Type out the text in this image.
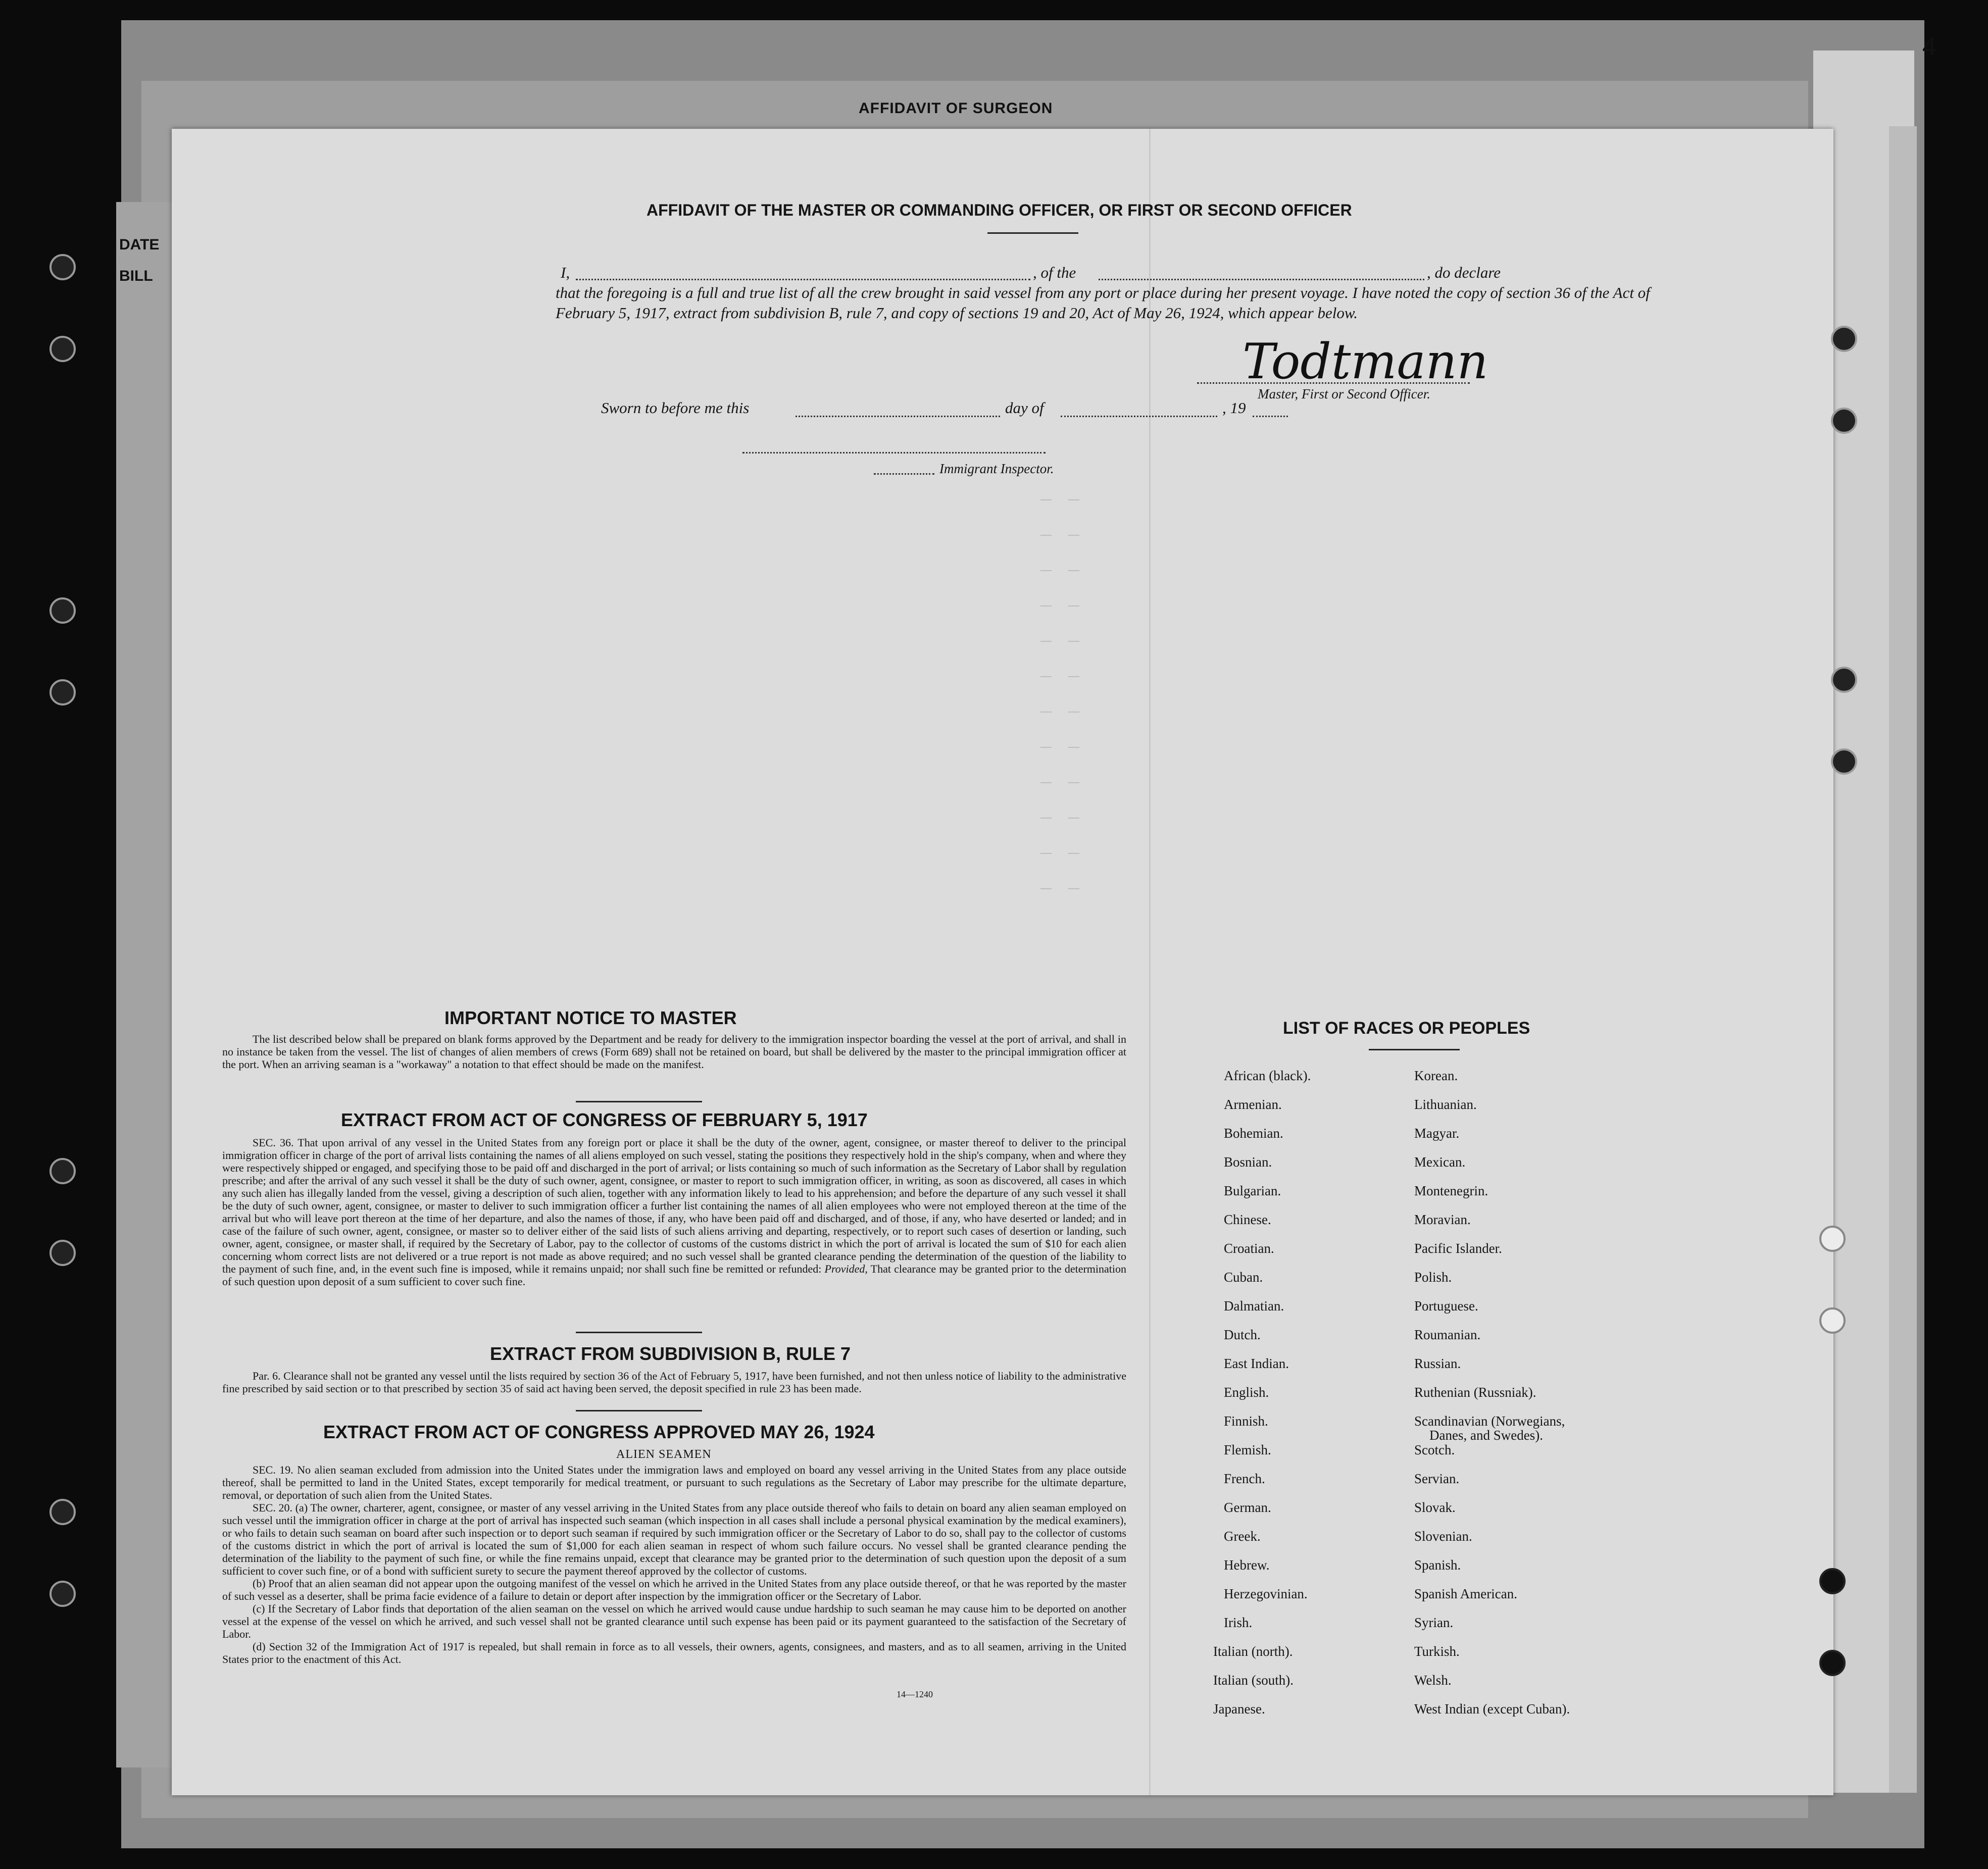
AFFIDAVIT OF SURGEON
4
DATE
BILL
AFFIDAVIT OF THE MASTER OR COMMANDING OFFICER, OR FIRST OR SECOND OFFICER
I,	, of the	, do declare
that the foregoing is a full and true list of all the crew brought in said vessel from any port or place during her present voyage. I have noted the copy of section 36 of the Act of February 5, 1917, extract from subdivision B, rule 7, and copy of sections 19 and 20, Act of May 26, 1924, which appear below.
Todtmann
Master, First or Second Officer.
Sworn to before me this	day of	, 19
Immigrant Inspector.
—      —
—      —
—      —
—      —
—      —
—      —
—      —
—      —
—      —
—      —
—      —
—      —
IMPORTANT NOTICE TO MASTER

The list described below shall be prepared on blank forms approved by the Department and be ready for delivery to the immigration inspector boarding the vessel at the port of arrival, and shall in no instance be taken from the vessel. The list of changes of alien members of crews (Form 689) shall not be retained on board, but shall be delivered by the master to the principal immigration officer at the port. When an arriving seaman is a "workaway" a notation to that effect should be made on the manifest.

EXTRACT FROM ACT OF CONGRESS OF FEBRUARY 5, 1917

SEC. 36. That upon arrival of any vessel in the United States from any foreign port or place it shall be the duty of the owner, agent, consignee, or master thereof to deliver to the principal immigration officer in charge of the port of arrival lists containing the names of all aliens employed on such vessel, stating the positions they respectively hold in the ship's company, when and where they were respectively shipped or engaged, and specifying those to be paid off and discharged in the port of arrival; or lists containing so much of such information as the Secretary of Labor shall by regulation prescribe; and after the arrival of any such vessel it shall be the duty of such owner, agent, consignee, or master to report to such immigration officer, in writing, as soon as discovered, all cases in which any such alien has illegally landed from the vessel, giving a description of such alien, together with any information likely to lead to his apprehension; and before the departure of any such vessel it shall be the duty of such owner, agent, consignee, or master to deliver to such immigration officer a further list containing the names of all alien employees who were not employed thereon at the time of the arrival but who will leave port thereon at the time of her departure, and also the names of those, if any, who have been paid off and discharged, and of those, if any, who have deserted or landed; and in case of the failure of such owner, agent, consignee, or master so to deliver either of the said lists of such aliens arriving and departing, respectively, or to report such cases of desertion or landing, such owner, agent, consignee, or master shall, if required by the Secretary of Labor, pay to the collector of customs of the customs district in which the port of arrival is located the sum of $10 for each alien concerning whom correct lists are not delivered or a true report is not made as above required; and no such vessel shall be granted clearance pending the determination of the question of the liability to the payment of such fine, and, in the event such fine is imposed, while it remains unpaid; nor shall such fine be remitted or refunded: Provided, That clearance may be granted prior to the determination of such question upon deposit of a sum sufficient to cover such fine.

EXTRACT FROM SUBDIVISION B, RULE 7

Par. 6. Clearance shall not be granted any vessel until the lists required by section 36 of the Act of February 5, 1917, have been furnished, and not then unless notice of liability to the administrative fine prescribed by said section or to that prescribed by section 35 of said act having been served, the deposit specified in rule 23 has been made.

EXTRACT FROM ACT OF CONGRESS APPROVED MAY 26, 1924
ALIEN SEAMEN

SEC. 19. No alien seaman excluded from admission into the United States under the immigration laws and employed on board any vessel arriving in the United States from any place outside thereof, shall be permitted to land in the United States, except temporarily for medical treatment, or pursuant to such regulations as the Secretary of Labor may prescribe for the ultimate departure, removal, or deportation of such alien from the United States.

SEC. 20. (a) The owner, charterer, agent, consignee, or master of any vessel arriving in the United States from any place outside thereof who fails to detain on board any alien seaman employed on such vessel until the immigration officer in charge at the port of arrival has inspected such seaman (which inspection in all cases shall include a personal physical examination by the medical examiners), or who fails to detain such seaman on board after such inspection or to deport such seaman if required by such immigration officer or the Secretary of Labor to do so, shall pay to the collector of customs of the customs district in which the port of arrival is located the sum of $1,000 for each alien seaman in respect of whom such failure occurs. No vessel shall be granted clearance pending the determination of the liability to the payment of such fine, or while the fine remains unpaid, except that clearance may be granted prior to the determination of such question upon the deposit of a sum sufficient to cover such fine, or of a bond with sufficient surety to secure the payment thereof approved by the collector of customs.

(b) Proof that an alien seaman did not appear upon the outgoing manifest of the vessel on which he arrived in the United States from any place outside thereof, or that he was reported by the master of such vessel as a deserter, shall be prima facie evidence of a failure to detain or deport after inspection by the immigration officer or the Secretary of Labor.

(c) If the Secretary of Labor finds that deportation of the alien seaman on the vessel on which he arrived would cause undue hardship to such seaman he may cause him to be deported on another vessel at the expense of the vessel on which he arrived, and such vessel shall not be granted clearance until such expense has been paid or its payment guaranteed to the satisfaction of the Secretary of Labor.

(d) Section 32 of the Immigration Act of 1917 is repealed, but shall remain in force as to all vessels, their owners, agents, consignees, and masters, and as to all seamen, arriving in the United States prior to the enactment of this Act.

14—1240
LIST OF RACES OR PEOPLES
African (black).
Armenian.
Bohemian.
Bosnian.
Bulgarian.
Chinese.
Croatian.
Cuban.
Dalmatian.
Dutch.
East Indian.
English.
Finnish.
Flemish.
French.
German.
Greek.
Hebrew.
Herzegovinian.
Irish.
Italian (north).
Italian (south).
Japanese.
Korean.
Lithuanian.
Magyar.
Mexican.
Montenegrin.
Moravian.
Pacific Islander.
Polish.
Portuguese.
Roumanian.
Russian.
Ruthenian (Russniak).
Scandinavian (Norwegians,
Danes, and Swedes).
Scotch.
Servian.
Slovak.
Slovenian.
Spanish.
Spanish American.
Syrian.
Turkish.
Welsh.
West Indian (except Cuban).
